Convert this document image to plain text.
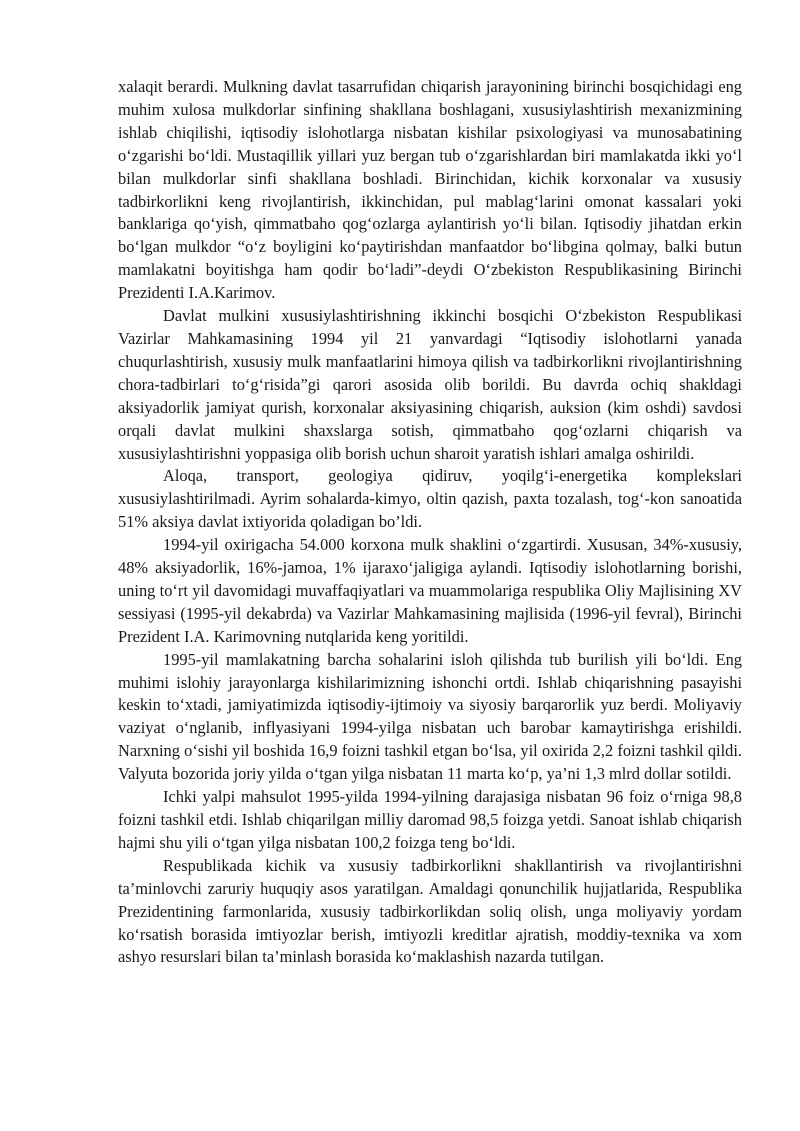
xalaqit berardi. Mulkning davlat tasarrufidan chiqarish jarayonining birinchi bosqichidagi eng muhim xulosa mulkdorlar sinfining shakllana boshlagani, xususiylashtirish mexanizmining ishlab chiqilishi, iqtisodiy islohotlarga nisbatan kishilar psixologiyasi va munosabatining o‘zgarishi bo‘ldi. Mustaqillik yillari yuz bergan tub o‘zgarishlardan biri mamlakatda ikki yo‘l bilan mulkdorlar sinfi shakllana boshladi. Birinchidan, kichik korxonalar va xususiy tadbirkorlikni keng rivojlantirish, ikkinchidan, pul mablag‘larini omonat kassalari yoki banklariga qo‘yish, qimmatbaho qog‘ozlarga aylantirish yo‘li bilan. Iqtisodiy jihatdan erkin bo‘lgan mulkdor “o‘z boyligini ko‘paytirishdan manfaatdor bo‘libgina qolmay, balki butun mamlakatni boyitishga ham qodir bo‘ladi”-deydi O‘zbekiston Respublikasining Birinchi Prezidenti I.A.Karimov.

Davlat mulkini xususiylashtirishning ikkinchi bosqichi O‘zbekiston Respublikasi Vazirlar Mahkamasining 1994 yil 21 yanvardagi “Iqtisodiy islohotlarni yanada chuqurlashtirish, xususiy mulk manfaatlarini himoya qilish va tadbirkorlikni rivojlantirishning chora-tadbirlari to‘g‘risida”gi qarori asosida olib borildi. Bu davrda ochiq shakldagi aksiyadorlik jamiyat qurish, korxonalar aksiyasining chiqarish, auksion (kim oshdi) savdosi orqali davlat mulkini shaxslarga sotish, qimmatbaho qog‘ozlarni chiqarish va xususiylashtirishni yoppasiga olib borish uchun sharoit yaratish ishlari amalga oshirildi.

Aloqa, transport, geologiya qidiruv, yoqilg‘i-energetika komplekslari xususiylashtirilmadi. Ayrim sohalarda-kimyo, oltin qazish, paxta tozalash, tog‘-kon sanoatida 51% aksiya davlat ixtiyorida qoladigan bo’ldi.

1994-yil oxirigacha 54.000 korxona mulk shaklini o‘zgartirdi. Xususan, 34%-xususiy, 48% aksiyadorlik, 16%-jamoa, 1% ijaraxo‘jaligiga aylandi. Iqtisodiy islohotlarning borishi, uning to‘rt yil davomidagi muvaffaqiyatlari va muammolariga respublika Oliy Majlisining XV sessiyasi (1995-yil dekabrda) va Vazirlar Mahkamasining majlisida (1996-yil fevral), Birinchi Prezident I.A. Karimovning nutqlarida keng yoritildi.

1995-yil mamlakatning barcha sohalarini isloh qilishda tub burilish yili bo‘ldi. Eng muhimi islohiy jarayonlarga kishilarimizning ishonchi ortdi. Ishlab chiqarishning pasayishi keskin to‘xtadi, jamiyatimizda iqtisodiy-ijtimoiy va siyosiy barqarorlik yuz berdi. Moliyaviy vaziyat o‘nglanib, inflyasiyani 1994-yilga nisbatan uch barobar kamaytirishga erishildi. Narxning o‘sishi yil boshida 16,9 foizni tashkil etgan bo‘lsa, yil oxirida 2,2 foizni tashkil qildi. Valyuta bozorida joriy yilda o‘tgan yilga nisbatan 11 marta ko‘p, ya’ni 1,3 mlrd dollar sotildi.

Ichki yalpi mahsulot 1995-yilda 1994-yilning darajasiga nisbatan 96 foiz o‘rniga 98,8 foizni tashkil etdi. Ishlab chiqarilgan milliy daromad 98,5 foizga yetdi. Sanoat ishlab chiqarish hajmi shu yili o‘tgan yilga nisbatan 100,2 foizga teng bo‘ldi.

Respublikada kichik va xususiy tadbirkorlikni shakllantirish va rivojlantirishni ta’minlovchi zaruriy huquqiy asos yaratilgan. Amaldagi qonunchilik hujjatlarida, Respublika Prezidentining farmonlarida, xususiy tadbirkorlikdan soliq olish, unga moliyaviy yordam ko‘rsatish borasida imtiyozlar berish, imtiyozli kreditlar ajratish, moddiy-texnika va xom ashyo resurslari bilan ta’minlash borasida ko‘maklashish nazarda tutilgan.
